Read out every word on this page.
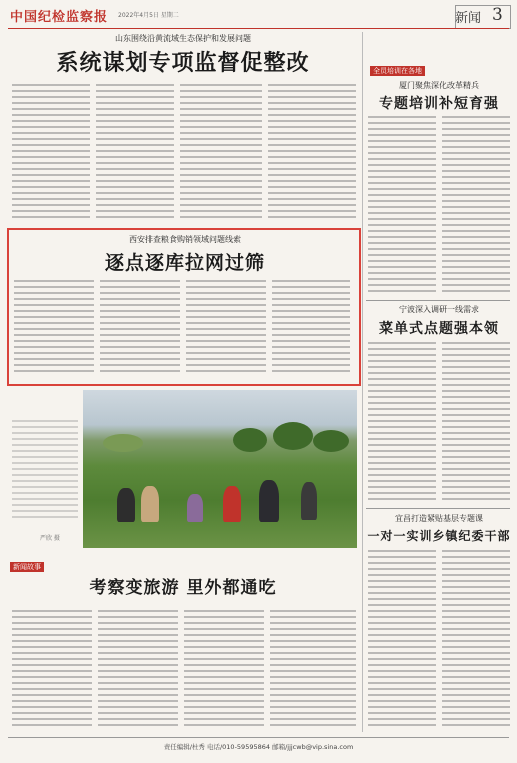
中国纪检监察报 2022年4月5日 星期二	新闻 3
山东围绕沿黄流域生态保护和发展问题
系统谋划专项监督促整改
西安排查粮食购销领域问题线索
逐点逐库拉网过筛
严欣 摄
新闻故事
考察变旅游 里外都通吃
全员培训在各地
厦门聚焦深化改革精兵
专题培训补短育强
宁波深入调研一线需求
菜单式点题强本领
宜昌打造紧贴基层专题课
一对一实训乡镇纪委干部
责任编辑/杜秀 电话/010-59595864 邮箱/jjjcwb@vip.sina.com
